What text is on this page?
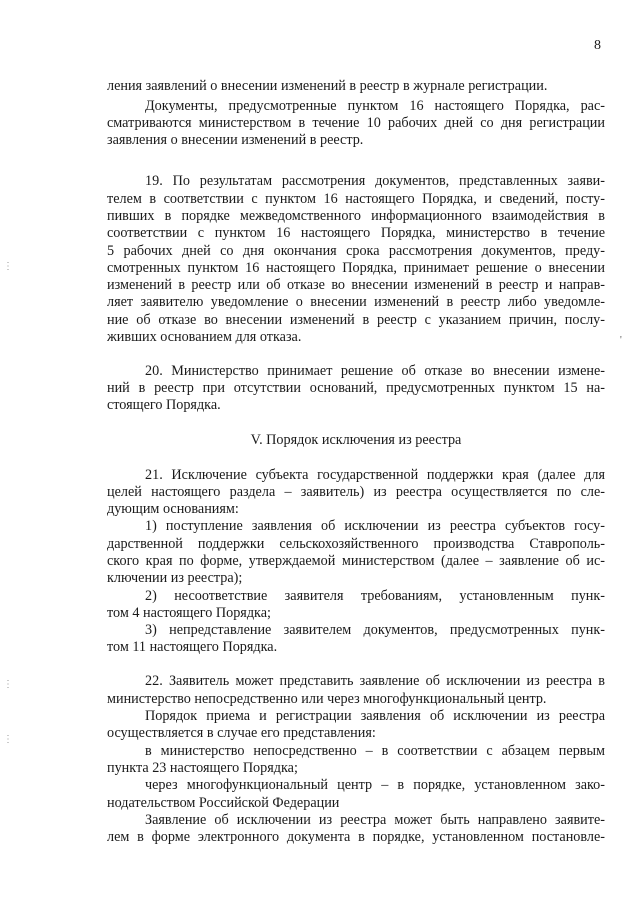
8
ления заявлений о внесении изменений в реестр в журнале регистрации.
Документы, предусмотренные пунктом 16 настоящего Порядка, рас-
сматриваются министерством в течение 10 рабочих дней со дня регистрации
заявления о внесении изменений в реестр.
19. По результатам рассмотрения документов, представленных заяви-
телем в соответствии с пунктом 16 настоящего Порядка, и сведений, посту-
пивших в порядке межведомственного информационного взаимодействия в
соответствии с пунктом 16 настоящего Порядка, министерство в течение
5 рабочих дней со дня окончания срока рассмотрения документов, преду-
смотренных пунктом 16 настоящего Порядка, принимает решение о внесении
изменений в реестр или об отказе во внесении изменений в реестр и направ-
ляет заявителю уведомление о внесении изменений в реестр либо уведомле-
ние об отказе во внесении изменений в реестр с указанием причин, послу-
живших основанием для отказа.
20. Министерство принимает решение об отказе во внесении измене-
ний в реестр при отсутствии оснований, предусмотренных пунктом 15 на-
стоящего Порядка.
V. Порядок исключения из реестра
21. Исключение субъекта государственной поддержки края (далее для
целей настоящего раздела – заявитель) из реестра осуществляется по сле-
дующим основаниям:
1) поступление заявления об исключении из реестра субъектов госу-
дарственной поддержки сельскохозяйственного производства Ставрополь-
ского края по форме, утверждаемой министерством (далее – заявление об ис-
ключении из реестра);
2) несоответствие заявителя требованиям, установленным пунк-
том 4 настоящего Порядка;
3) непредставление заявителем документов, предусмотренных пунк-
том 11 настоящего Порядка.
22. Заявитель может представить заявление об исключении из реестра в
министерство непосредственно или через многофункциональный центр.
Порядок приема и регистрации заявления об исключении из реестра
осуществляется в случае его представления:
в министерство непосредственно – в соответствии с абзацем первым
пункта 23 настоящего Порядка;
через многофункциональный центр – в порядке, установленном зако-
нодательством Российской Федерации
Заявление об исключении из реестра может быть направлено заявите-
лем в форме электронного документа в порядке, установленном постановле-
⋮
⋮
⋮
'
